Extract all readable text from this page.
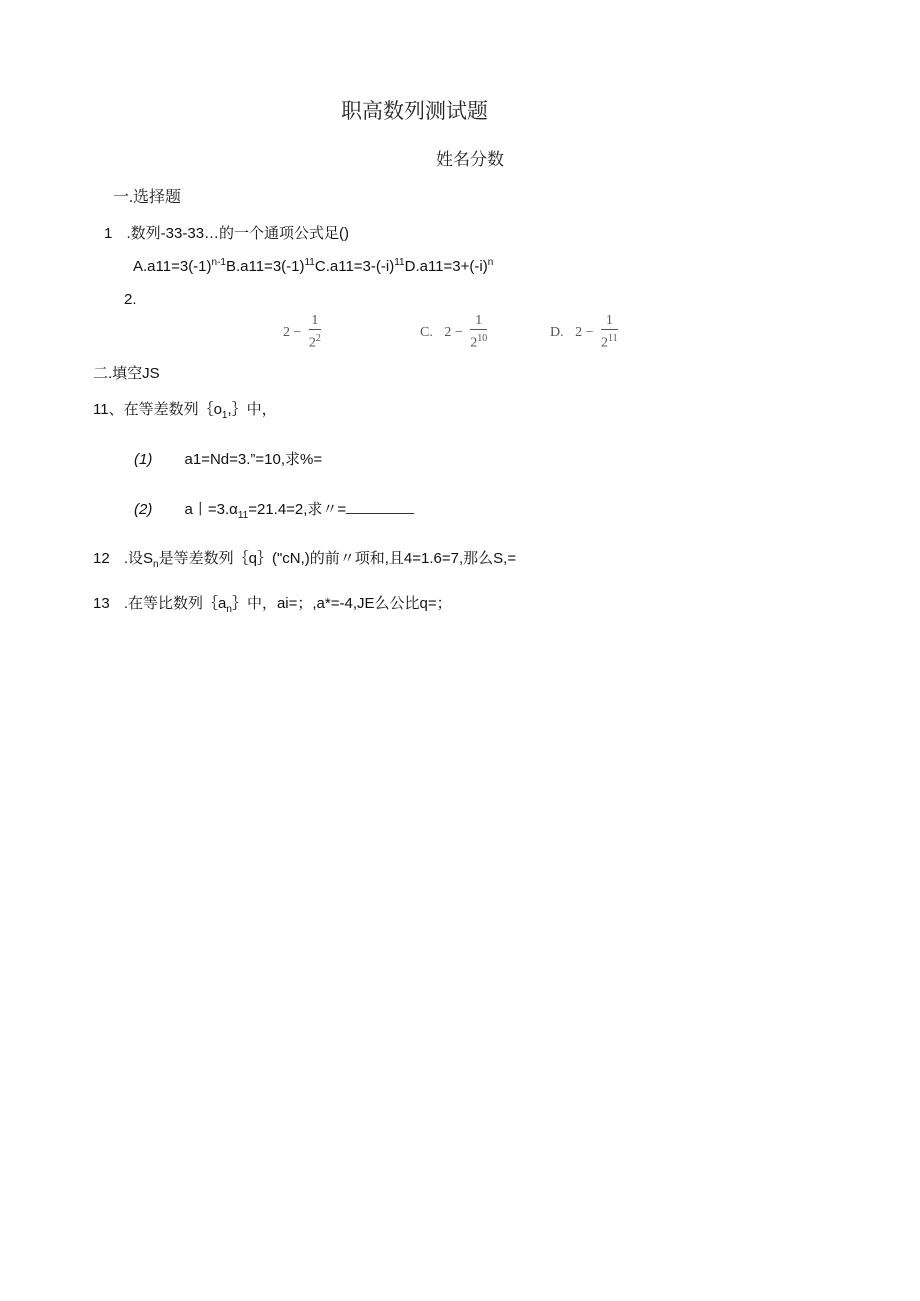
职高数列测试题
姓名分数
一.选择题
1 .数列-33-33…的一个通项公式足()
$A.a11=3(-1)^{n-1}B.a11=3(-1)^{11}C.a11=3-(-i)^{11}D.a11=3+(-i)^n$
2.
$2 - \frac{1}{2^2}$	C. $2 - \frac{1}{2^{10}}$	D. $2 - \frac{1}{2^{11}}$
二.填空JS
11、在等差数列$\{o_1,\}$中，
(1) a1=Nd=3.”=10,求%=
(2) a丨$=3.\alpha_{11}=21.4=2$,求〃=
12 .设$S_n$是等差数列｛q｝("cN,)的前〃项和,且4=1.6=7,那么S,=
13 .在等比数列$\{a_n\}$中，ai=；,a*=-4,JE么公比q=；
